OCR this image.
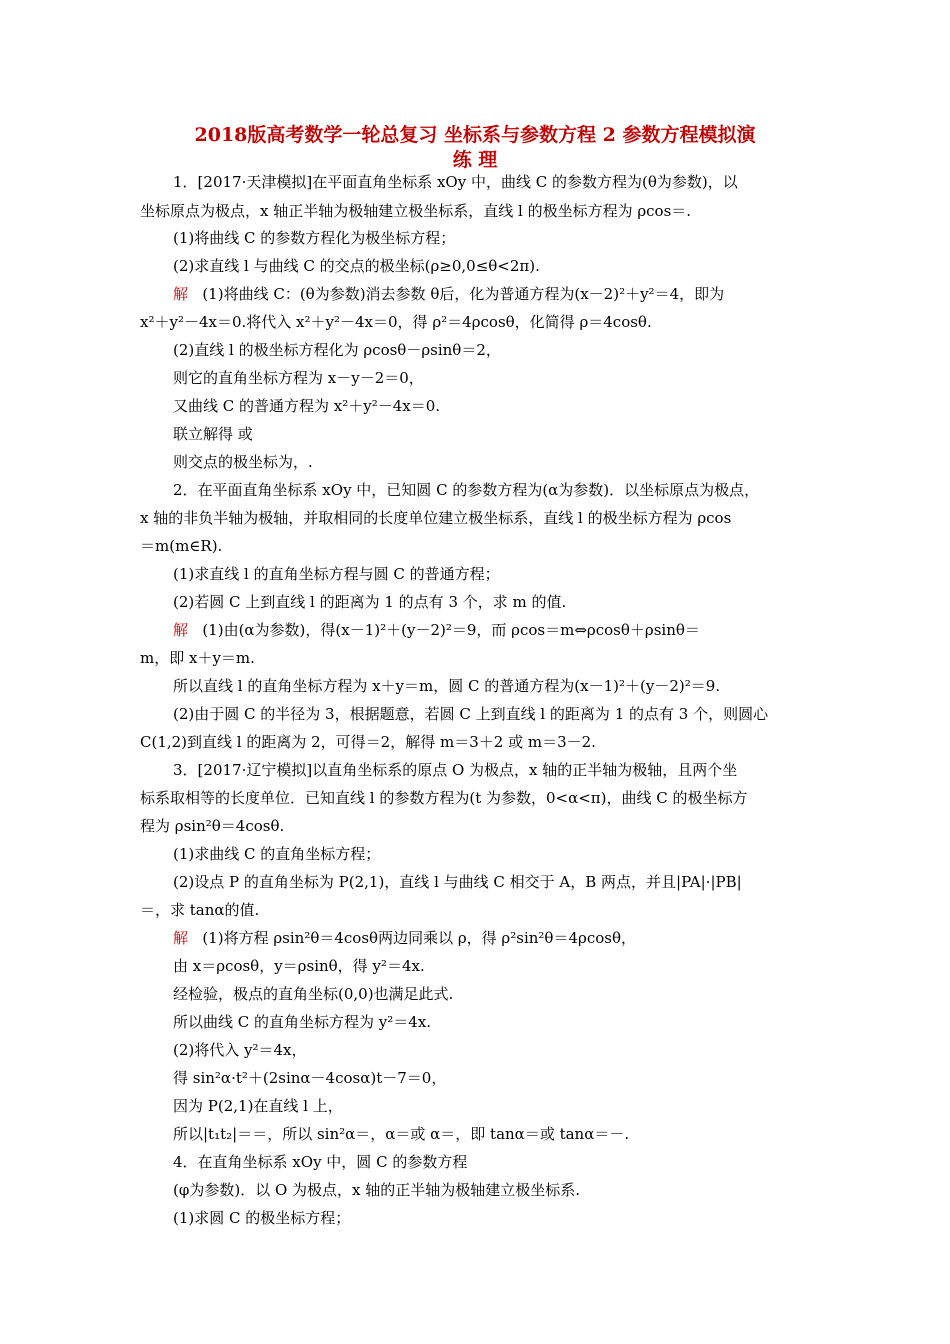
2018版高考数学一轮总复习 坐标系与参数方程 2 参数方程模拟演
练 理
1．[2017·天津模拟]在平面直角坐标系 xOy 中，曲线 C 的参数方程为(θ为参数)，以
坐标原点为极点，x 轴正半轴为极轴建立极坐标系，直线 l 的极坐标方程为 ρcos＝.
(1)将曲线 C 的参数方程化为极坐标方程；
(2)求直线 l 与曲线 C 的交点的极坐标(ρ≥0,0≤θ<2π).
解 (1)将曲线 C：(θ为参数)消去参数 θ后，化为普通方程为(x－2)²＋y²＝4，即为
x²＋y²－4x＝0.将代入 x²＋y²－4x＝0，得 ρ²＝4ρcosθ，化简得 ρ＝4cosθ.
(2)直线 l 的极坐标方程化为 ρcosθ－ρsinθ＝2，
则它的直角坐标方程为 x－y－2＝0，
又曲线 C 的普通方程为 x²＋y²－4x＝0.
联立解得 或
则交点的极坐标为，.
2．在平面直角坐标系 xOy 中，已知圆 C 的参数方程为(α为参数)．以坐标原点为极点，
x 轴的非负半轴为极轴，并取相同的长度单位建立极坐标系，直线 l 的极坐标方程为 ρcos
＝m(m∈R).
(1)求直线 l 的直角坐标方程与圆 C 的普通方程；
(2)若圆 C 上到直线 l 的距离为 1 的点有 3 个，求 m 的值.
解 (1)由(α为参数)，得(x－1)²＋(y－2)²＝9，而 ρcos＝m⇔ρcosθ＋ρsinθ＝
m，即 x＋y＝m.
所以直线 l 的直角坐标方程为 x＋y＝m，圆 C 的普通方程为(x－1)²＋(y－2)²＝9.
(2)由于圆 C 的半径为 3，根据题意，若圆 C 上到直线 l 的距离为 1 的点有 3 个，则圆心
C(1,2)到直线 l 的距离为 2，可得＝2，解得 m＝3＋2 或 m＝3－2.
3．[2017·辽宁模拟]以直角坐标系的原点 O 为极点，x 轴的正半轴为极轴，且两个坐
标系取相等的长度单位．已知直线 l 的参数方程为(t 为参数，0<α<π)，曲线 C 的极坐标方
程为 ρsin²θ＝4cosθ.
(1)求曲线 C 的直角坐标方程；
(2)设点 P 的直角坐标为 P(2,1)，直线 l 与曲线 C 相交于 A，B 两点，并且|PA|·|PB|
＝，求 tanα的值.
解 (1)将方程 ρsin²θ＝4cosθ两边同乘以 ρ，得 ρ²sin²θ＝4ρcosθ，
由 x＝ρcosθ，y＝ρsinθ，得 y²＝4x.
经检验，极点的直角坐标(0,0)也满足此式.
所以曲线 C 的直角坐标方程为 y²＝4x.
(2)将代入 y²＝4x，
得 sin²α·t²＋(2sinα－4cosα)t－7＝0，
因为 P(2,1)在直线 l 上，
所以|t₁t₂|＝＝，所以 sin²α＝，α＝或 α＝，即 tanα＝或 tanα＝－.
4．在直角坐标系 xOy 中，圆 C 的参数方程
(φ为参数)．以 O 为极点，x 轴的正半轴为极轴建立极坐标系.
(1)求圆 C 的极坐标方程；
